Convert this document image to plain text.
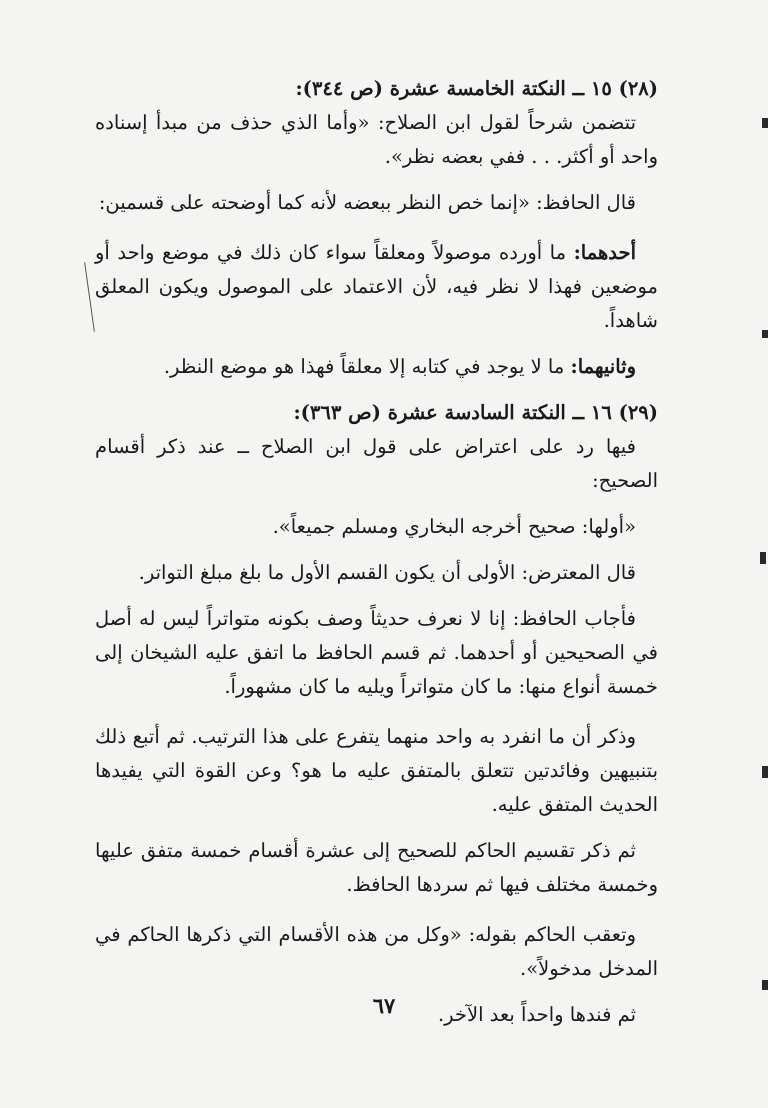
(٢٨) ١٥ ــ النكتة الخامسة عشرة (ص ٣٤٤):

تتضمن شرحاً لقول ابن الصلاح: «وأما الذي حذف من مبدأ إسناده واحد أو أكثر. . . ففي بعضه نظر».

قال الحافظ: «إنما خص النظر ببعضه لأنه كما أوضحته على قسمين:

أحدهما: ما أورده موصولاً ومعلقاً سواء كان ذلك في موضع واحد أو موضعين فهذا لا نظر فيه، لأن الاعتماد على الموصول ويكون المعلق شاهداً.

وثانيهما: ما لا يوجد في كتابه إلا معلقاً فهذا هو موضع النظر.

(٢٩) ١٦ ــ النكتة السادسة عشرة (ص ٣٦٣):

فيها رد على اعتراض على قول ابن الصلاح ــ عند ذكر أقسام الصحيح:

«أولها: صحيح أخرجه البخاري ومسلم جميعاً».

قال المعترض: الأولى أن يكون القسم الأول ما بلغ مبلغ التواتر.

فأجاب الحافظ: إنا لا نعرف حديثاً وصف بكونه متواتراً ليس له أصل في الصحيحين أو أحدهما. ثم قسم الحافظ ما اتفق عليه الشيخان إلى خمسة أنواع منها: ما كان متواتراً ويليه ما كان مشهوراً.

وذكر أن ما انفرد به واحد منهما يتفرع على هذا الترتيب. ثم أتبع ذلك بتنبيهين وفائدتين تتعلق بالمتفق عليه ما هو؟ وعن القوة التي يفيدها الحديث المتفق عليه.

ثم ذكر تقسيم الحاكم للصحيح إلى عشرة أقسام خمسة متفق عليها وخمسة مختلف فيها ثم سردها الحافظ.

وتعقب الحاكم بقوله: «وكل من هذه الأقسام التي ذكرها الحاكم في المدخل مدخولاً».

ثم فندها واحداً بعد الآخر.

٦٧
